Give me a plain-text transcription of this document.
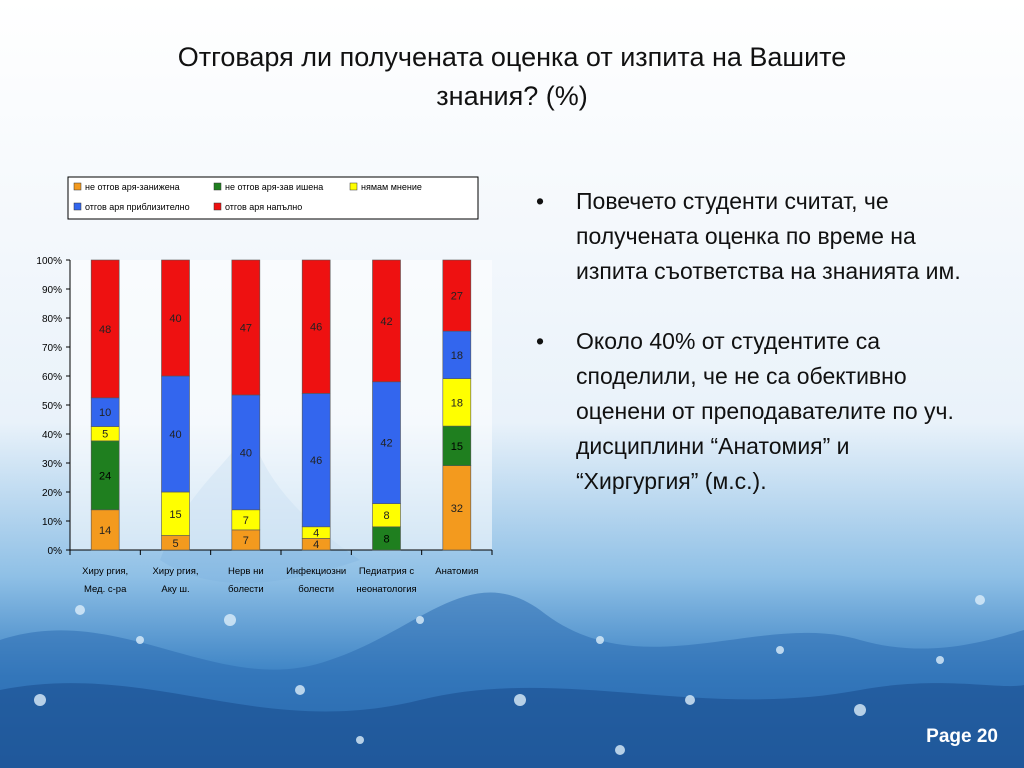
Отговаря ли получената оценка от изпита на Вашите
знания? (%)
0%
10%
20%
30%
40%
50%
60%
70%
80%
90%
100%
Хиру ргия,
Мед. с-ра
Хиру ргия,
Аку ш.
Нерв ни
болести
Инфекциозни
болести
Педиатрия с
неонатология
Анатомия
14
24
5
10
48
5
15
40
40
7
7
40
47
4
4
46
46
8
8
42
42
32
15
18
18
27
не отгов аря-занижена	не отгов аря-зав ишена	нямам мнение
отгов аря приблизително	отгов аря напълно	• Повечето студенти считат, че получената оценка по време на изпита съответства на знанията им.
• Около 40% от студентите са споделили, че не са обективно оценени от преподавателите по уч. дисциплини “Анатомия” и “Хиргургия” (м.с.).
Page 20
